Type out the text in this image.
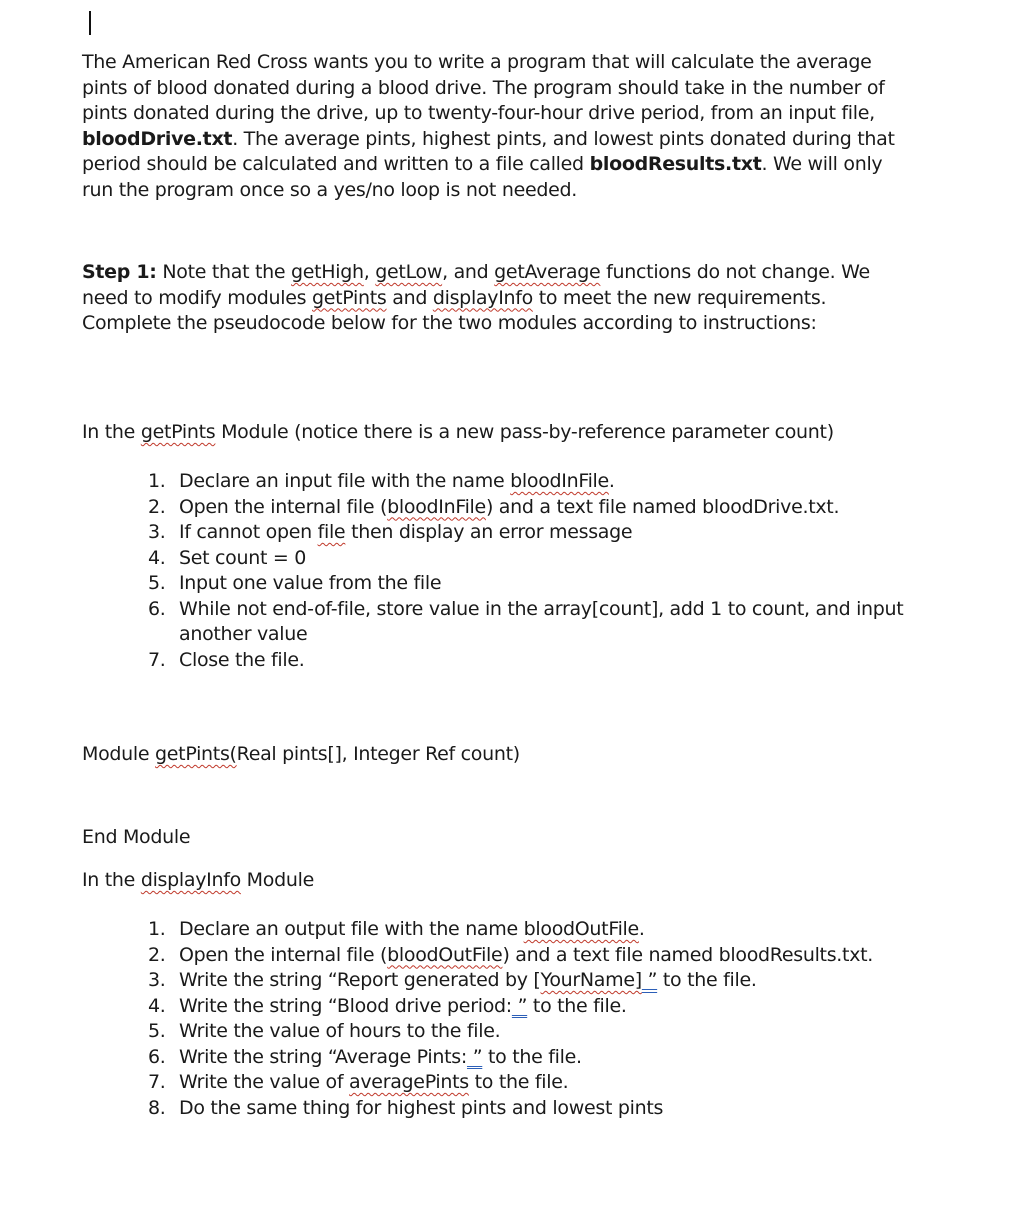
The American Red Cross wants you to write a program that will calculate the average pints of blood donated during a blood drive. The program should take in the number of pints donated during the drive, up to twenty-four-hour drive period, from an input file, bloodDrive.txt. The average pints, highest pints, and lowest pints donated during that period should be calculated and written to a file called bloodResults.txt. We will only run the program once so a yes/no loop is not needed.

Step 1: Note that the getHigh, getLow, and getAverage functions do not change. We need to modify modules getPints and displayInfo to meet the new requirements. Complete the pseudocode below for the two modules according to instructions:

In the getPints Module (notice there is a new pass-by-reference parameter count)

1. Declare an input file with the name bloodInFile.
2. Open the internal file (bloodInFile) and a text file named bloodDrive.txt.
3. If cannot open file then display an error message
4. Set count = 0
5. Input one value from the file
6. While not end-of-file, store value in the array[count], add 1 to count, and input another value
7. Close the file.

Module getPints(Real pints[], Integer Ref count)

End Module

In the displayInfo Module

1. Declare an output file with the name bloodOutFile.
2. Open the internal file (bloodOutFile) and a text file named bloodResults.txt.
3. Write the string “Report generated by [YourName] ” to the file.
4. Write the string “Blood drive period: ” to the file.
5. Write the value of hours to the file.
6. Write the string “Average Pints: ” to the file.
7. Write the value of averagePints to the file.
8. Do the same thing for highest pints and lowest pints
